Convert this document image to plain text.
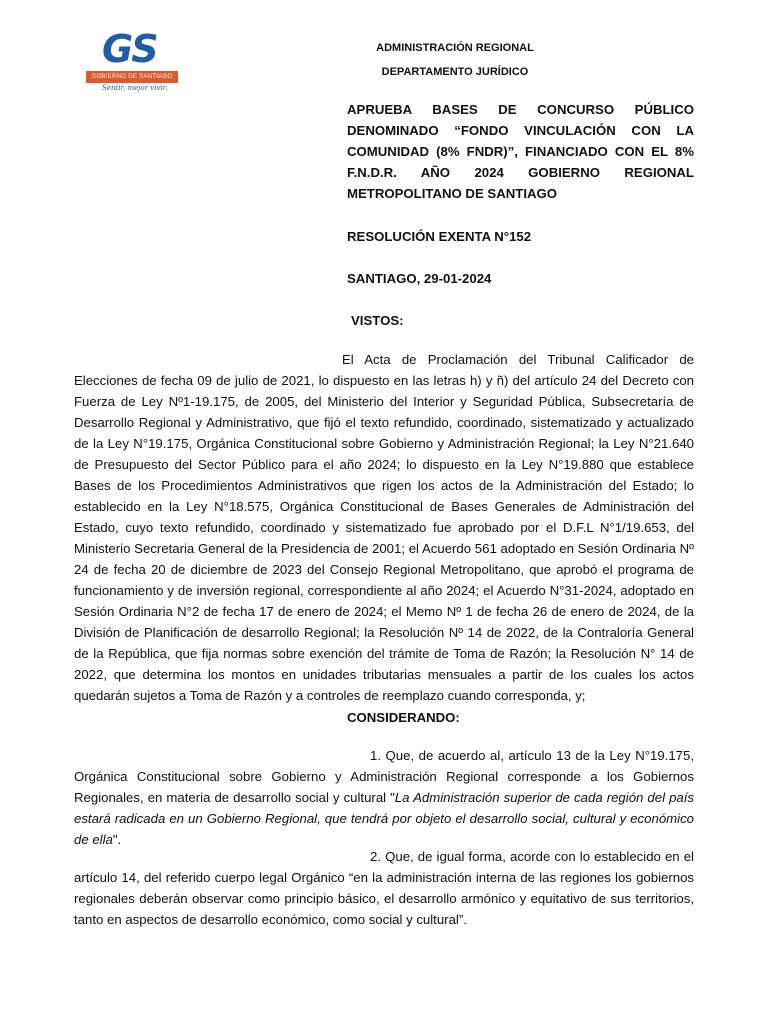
GS
GOBIERNO DE SANTIAGO
Sentir, mejor vivir.
ADMINISTRACIÓN REGIONAL
DEPARTAMENTO JURÍDICO
APRUEBA BASES DE CONCURSO PÚBLICO DENOMINADO “FONDO VINCULACIÓN CON LA COMUNIDAD (8% FNDR)”, FINANCIADO CON EL 8% F.N.D.R. AÑO 2024 GOBIERNO REGIONAL METROPOLITANO DE SANTIAGO
RESOLUCIÓN EXENTA N°152
SANTIAGO, 29-01-2024
VISTOS:
El Acta de Proclamación del Tribunal Calificador de Elecciones de fecha 09 de julio de 2021, lo dispuesto en las letras h) y ñ) del artículo 24 del Decreto con Fuerza de Ley Nº1-19.175, de 2005, del Ministerio del Interior y Seguridad Pública, Subsecretaría de Desarrollo Regional y Administrativo, que fijó el texto refundido, coordinado, sistematizado y actualizado de la Ley N°19.175, Orgánica Constitucional sobre Gobierno y Administración Regional; la Ley N°21.640 de Presupuesto del Sector Público para el año 2024; lo dispuesto en la Ley N°19.880 que establece Bases de los Procedimientos Administrativos que rigen los actos de la Administración del Estado; lo establecido en la Ley N°18.575, Orgánica Constitucional de Bases Generales de Administración del Estado, cuyo texto refundido, coordinado y sistematizado fue aprobado por el D.F.L N°1/19.653, del Ministerio Secretaria General de la Presidencia de 2001; el Acuerdo 561 adoptado en Sesión Ordinaria Nº 24 de fecha 20 de diciembre de 2023 del Consejo Regional Metropolitano, que aprobó el programa de funcionamiento y de inversión regional, correspondiente al año 2024; el Acuerdo N°31-2024, adoptado en Sesión Ordinaria N°2 de fecha 17 de enero de 2024; el Memo Nº 1 de fecha 26 de enero de 2024, de la División de Planificación de desarrollo Regional; la Resolución Nº 14 de 2022, de la Contraloría General de la República, que fija normas sobre exención del trámite de Toma de Razón; la Resolución N° 14 de 2022, que determina los montos en unidades tributarias mensuales a partir de los cuales los actos quedarán sujetos a Toma de Razón y a controles de reemplazo cuando corresponda, y;
CONSIDERANDO:
1. Que, de acuerdo al, artículo 13 de la Ley N°19.175, Orgánica Constitucional sobre Gobierno y Administración Regional corresponde a los Gobiernos Regionales, en materia de desarrollo social y cultural "La Administración superior de cada región del país estará radicada en un Gobierno Regional, que tendrá por objeto el desarrollo social, cultural y económico de ella".
2. Que, de igual forma, acorde con lo establecido en el artículo 14, del referido cuerpo legal Orgánico “en la administración interna de las regiones los gobiernos regionales deberán observar como principio básico, el desarrollo armónico y equitativo de sus territorios, tanto en aspectos de desarrollo económico, como social y cultural”.
